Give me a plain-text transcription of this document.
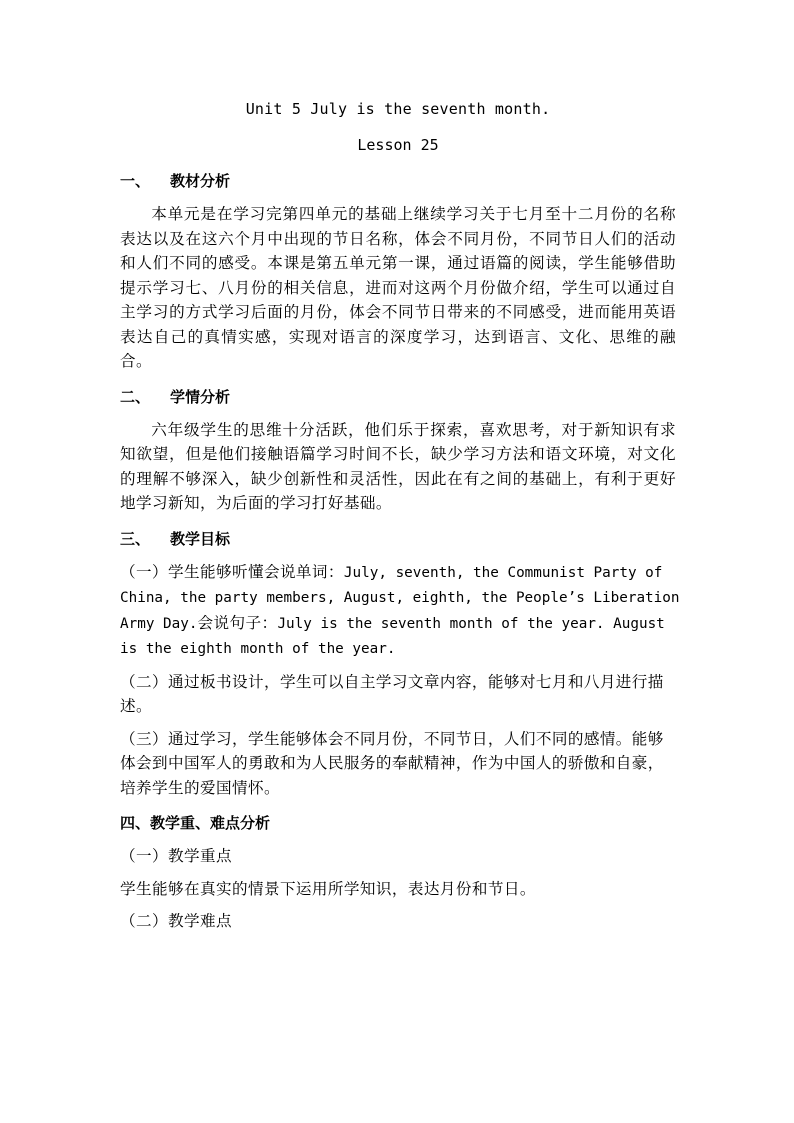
Unit 5 July is the seventh month.

Lesson 25

一、 教材分析

本单元是在学习完第四单元的基础上继续学习关于七月至十二月份的名称表达以及在这六个月中出现的节日名称，体会不同月份，不同节日人们的活动和人们不同的感受。本课是第五单元第一课，通过语篇的阅读，学生能够借助提示学习七、八月份的相关信息，进而对这两个月份做介绍，学生可以通过自主学习的方式学习后面的月份，体会不同节日带来的不同感受，进而能用英语表达自己的真情实感，实现对语言的深度学习，达到语言、文化、思维的融合。

二、 学情分析

六年级学生的思维十分活跃，他们乐于探索，喜欢思考，对于新知识有求知欲望，但是他们接触语篇学习时间不长，缺少学习方法和语文环境，对文化的理解不够深入，缺少创新性和灵活性，因此在有之间的基础上，有利于更好地学习新知，为后面的学习打好基础。

三、 教学目标

（一）学生能够听懂会说单词：July, seventh, the Communist Party of China, the party members, August, eighth, the People’s Liberation Army Day.会说句子：July is the seventh month of the year. August is the eighth month of the year.

（二）通过板书设计，学生可以自主学习文章内容，能够对七月和八月进行描述。

（三）通过学习，学生能够体会不同月份，不同节日，人们不同的感情。能够体会到中国军人的勇敢和为人民服务的奉献精神，作为中国人的骄傲和自豪，培养学生的爱国情怀。

四、教学重、难点分析

（一）教学重点

学生能够在真实的情景下运用所学知识，表达月份和节日。

（二）教学难点
